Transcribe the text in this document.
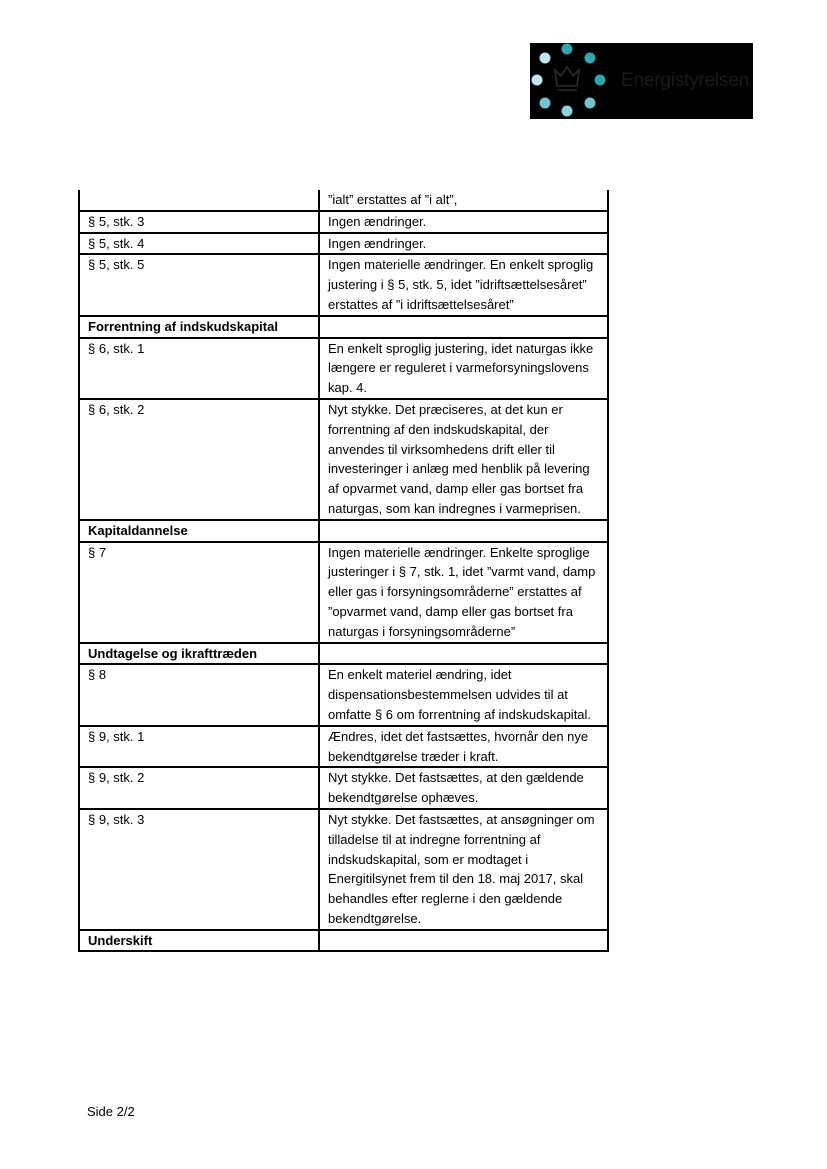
Energistyrelsen
	”ialt” erstattes af ”i alt”,
§ 5, stk. 3	Ingen ændringer.
§ 5, stk. 4	Ingen ændringer.
§ 5, stk. 5	Ingen materielle ændringer. En enkelt sproglig justering i § 5, stk. 5, idet ”idriftsættelsesåret” erstattes af ”i idriftsættelsesåret”
Forrentning af indskudskapital	
§ 6, stk. 1	En enkelt sproglig justering, idet naturgas ikke længere er reguleret i varmeforsyningslovens kap. 4.
§ 6, stk. 2	Nyt stykke. Det præciseres, at det kun er forrentning af den indskudskapital, der anvendes til virksomhedens drift eller til investeringer i anlæg med henblik på levering af opvarmet vand, damp eller gas bortset fra naturgas, som kan indregnes i varmeprisen.
Kapitaldannelse	
§ 7	Ingen materielle ændringer. Enkelte sproglige justeringer i § 7, stk. 1, idet ”varmt vand, damp eller gas i forsyningsområderne” erstattes af ”opvarmet vand, damp eller gas bortset fra naturgas i forsyningsområderne”
Undtagelse og ikrafttræden	
§ 8	En enkelt materiel ændring, idet dispensationsbestemmelsen udvides til at omfatte § 6 om forrentning af indskudskapital.
§ 9, stk. 1	Ændres, idet det fastsættes, hvornår den nye bekendtgørelse træder i kraft.
§ 9, stk. 2	Nyt stykke. Det fastsættes, at den gældende bekendtgørelse ophæves.
§ 9, stk. 3	Nyt stykke. Det fastsættes, at ansøgninger om tilladelse til at indregne forrentning af indskudskapital, som er modtaget i Energitilsynet frem til den 18. maj 2017, skal behandles efter reglerne i den gældende bekendtgørelse.
Underskift	
Side 2/2
